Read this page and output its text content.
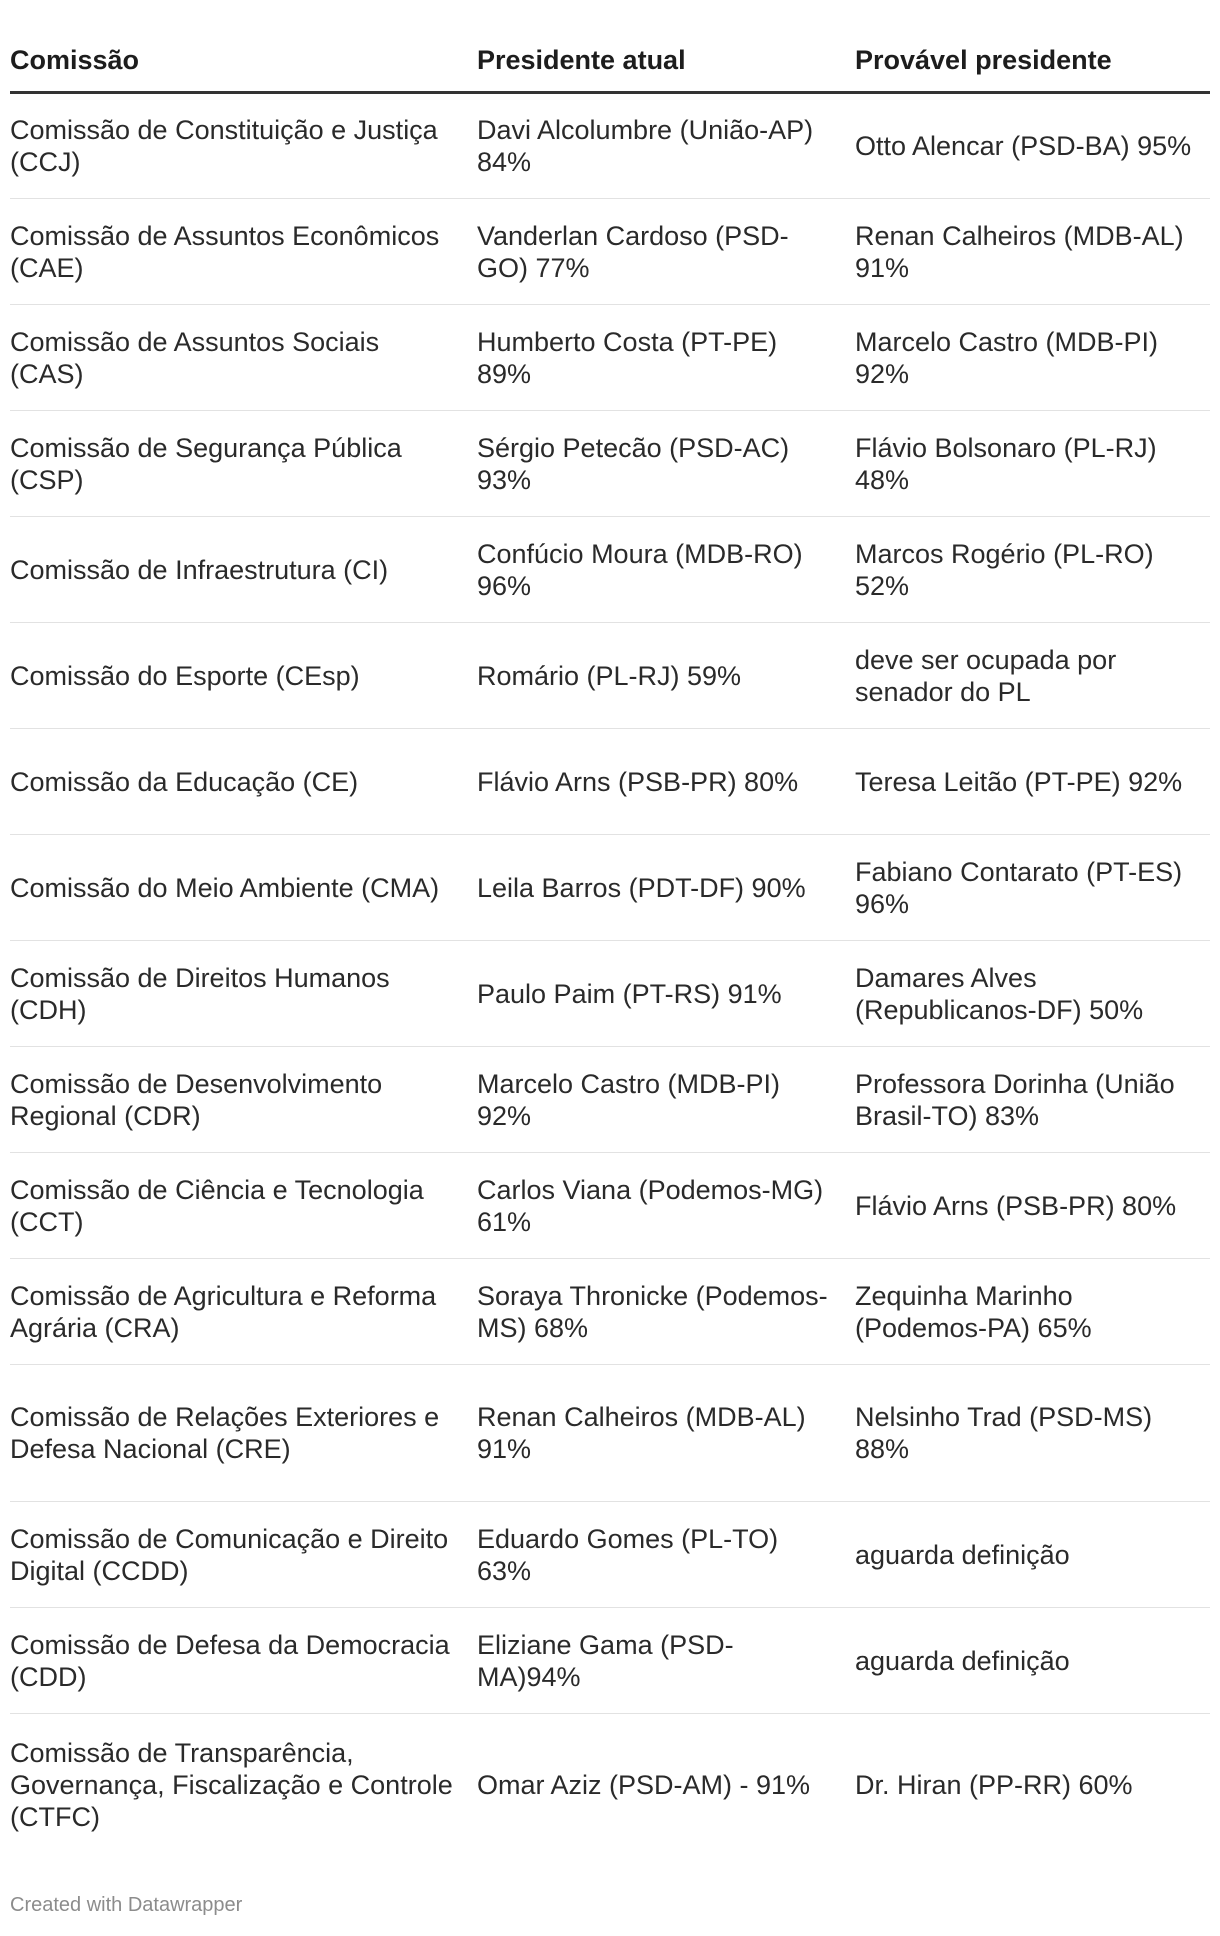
Comissão	Presidente atual	Provável presidente
Comissão de Constituição e Justiça (CCJ)	Davi Alcolumbre (União-AP) 84%	Otto Alencar (PSD-BA) 95%
Comissão de Assuntos Econômicos (CAE)	Vanderlan Cardoso (PSD-GO) 77%	Renan Calheiros (MDB-AL) 91%
Comissão de Assuntos Sociais (CAS)	Humberto Costa (PT-PE) 89%	Marcelo Castro (MDB-PI) 92%
Comissão de Segurança Pública (CSP)	Sérgio Petecão (PSD-AC) 93%	Flávio Bolsonaro (PL-RJ) 48%
Comissão de Infraestrutura (CI)	Confúcio Moura (MDB-RO) 96%	Marcos Rogério (PL-RO) 52%
Comissão do Esporte (CEsp)	Romário (PL-RJ) 59%	deve ser ocupada por senador do PL
Comissão da Educação (CE)	Flávio Arns (PSB-PR) 80%	Teresa Leitão (PT-PE) 92%
Comissão do Meio Ambiente (CMA)	Leila Barros (PDT-DF) 90%	Fabiano Contarato (PT-ES) 96%
Comissão de Direitos Humanos (CDH)	Paulo Paim (PT-RS) 91%	Damares Alves (Republicanos-DF) 50%
Comissão de Desenvolvimento Regional (CDR)	Marcelo Castro (MDB-PI) 92%	Professora Dorinha (União Brasil-TO) 83%
Comissão de Ciência e Tecnologia (CCT)	Carlos Viana (Podemos-MG) 61%	Flávio Arns (PSB-PR) 80%
Comissão de Agricultura e Reforma Agrária (CRA)	Soraya Thronicke (Podemos-MS) 68%	Zequinha Marinho (Podemos-PA) 65%
Comissão de Relações Exteriores e Defesa Nacional (CRE)	Renan Calheiros (MDB-AL) 91%	Nelsinho Trad (PSD-MS) 88%
Comissão de Comunicação e Direito Digital (CCDD)	Eduardo Gomes (PL-TO) 63%	aguarda definição
Comissão de Defesa da Democracia (CDD)	Eliziane Gama (PSD-MA)94%	aguarda definição
Comissão de Transparência, Governança, Fiscalização e Controle (CTFC)	Omar Aziz (PSD-AM) - 91%	Dr. Hiran (PP-RR) 60%
Created with Datawrapper
